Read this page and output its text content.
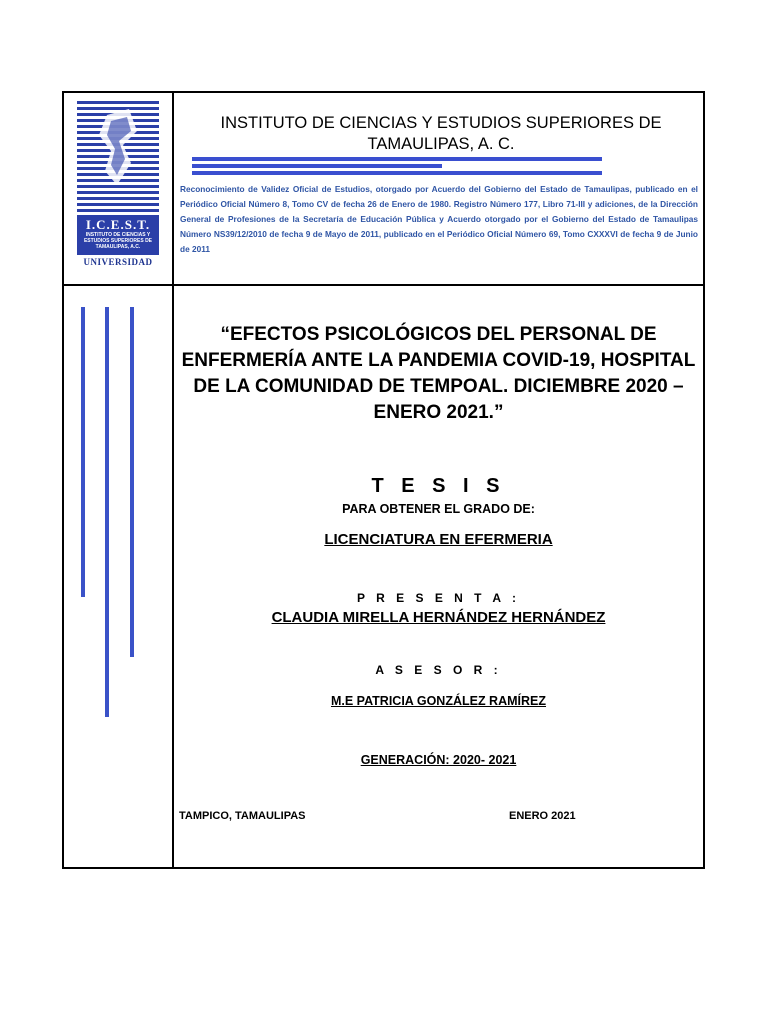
I.C.E.S.T.
INSTITUTO DE CIENCIAS Y ESTUDIOS SUPERIORES DE TAMAULIPAS, A.C.
UNIVERSIDAD
INSTITUTO DE CIENCIAS Y ESTUDIOS SUPERIORES DE TAMAULIPAS, A. C.
Reconocimiento de Validez Oficial de Estudios, otorgado por Acuerdo del Gobierno del Estado de Tamaulipas, publicado en el Periódico Oficial Número 8, Tomo CV de fecha 26 de Enero de 1980. Registro Número 177, Libro 71-III y adiciones, de la Dirección General de Profesiones de la Secretaría de Educación Pública y Acuerdo otorgado por el Gobierno del Estado de Tamaulipas Número NS39/12/2010 de fecha 9 de Mayo de 2011, publicado en el Periódico Oficial Número 69, Tomo CXXXVI de fecha 9 de Junio de 2011
“EFECTOS PSICOLÓGICOS DEL PERSONAL DE ENFERMERÍA ANTE LA PANDEMIA COVID-19, HOSPITAL DE LA COMUNIDAD DE TEMPOAL. DICIEMBRE 2020 – ENERO 2021.”
T E S I S
PARA OBTENER EL GRADO DE:
LICENCIATURA EN EFERMERIA
P R E S E N T A :
CLAUDIA MIRELLA HERNÁNDEZ HERNÁNDEZ
A S E S O R :
M.E PATRICIA GONZÁLEZ RAMÍREZ
GENERACIÓN: 2020- 2021
TAMPICO, TAMAULIPAS	ENERO 2021
